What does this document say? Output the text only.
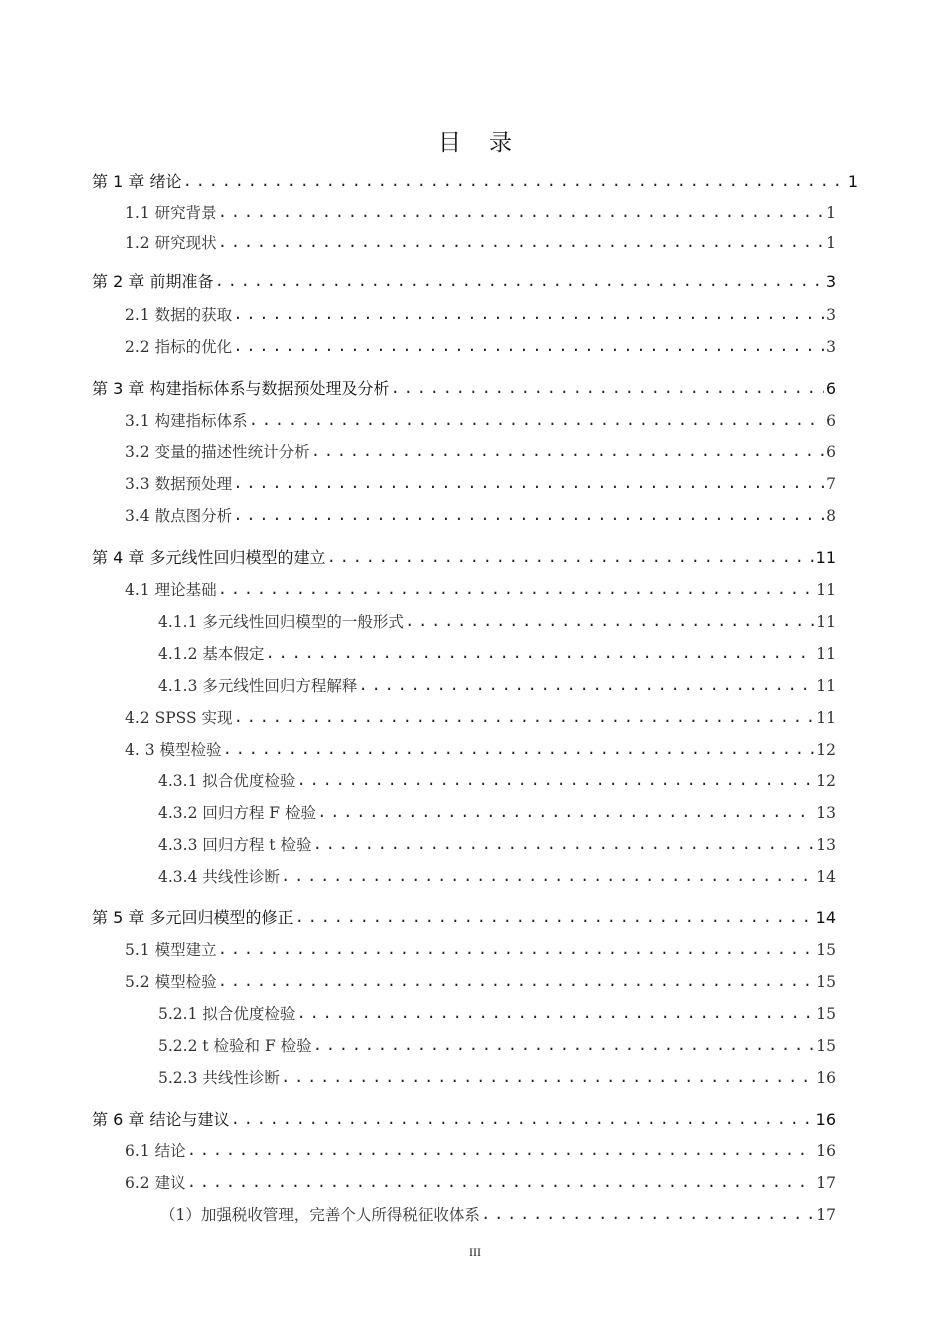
目录
第 1 章 绪论 .....	1
1.1 研究背景 .....	1
1.2 研究现状 .....	1
第 2 章 前期准备 .....	3
2.1 数据的获取 .....	3
2.2 指标的优化 .....	3
第 3 章 构建指标体系与数据预处理及分析 .....	6
3.1 构建指标体系 .....	6
3.2 变量的描述性统计分析 .....	6
3.3 数据预处理 .....	7
3.4 散点图分析 .....	8
第 4 章 多元线性回归模型的建立 .....	11
4.1 理论基础 .....	11
4.1.1 多元线性回归模型的一般形式 .....	11
4.1.2 基本假定 .....	11
4.1.3 多元线性回归方程解释 .....	11
4.2 SPSS 实现 .....	11
4. 3 模型检验 .....	12
4.3.1 拟合优度检验 .....	12
4.3.2 回归方程 F 检验 .....	13
4.3.3 回归方程 t 检验 .....	13
4.3.4 共线性诊断 .....	14
第 5 章 多元回归模型的修正 .....	14
5.1 模型建立 .....	15
5.2 模型检验 .....	15
5.2.1 拟合优度检验 .....	15
5.2.2 t 检验和 F 检验 .....	15
5.2.3 共线性诊断 .....	16
第 6 章 结论与建议 .....	16
6.1 结论 .....	16
6.2 建议 .....	17
（1）加强税收管理，完善个人所得税征收体系 .....	17
III
